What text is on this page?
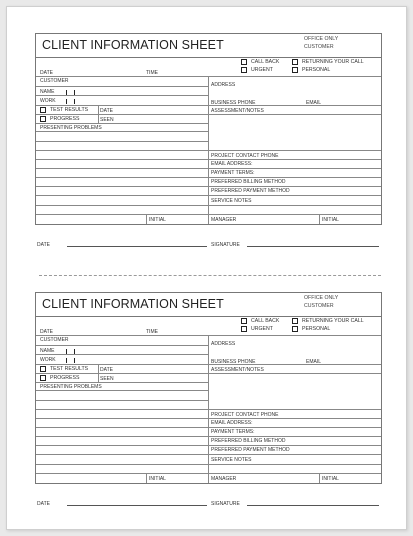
CLIENT INFORMATION SHEET	OFFICE ONLY
CUSTOMER
CALL BACK	RETURNING YOUR CALL
URGENT	PERSONAL
DATE	TIME
CUSTOMER
ADDRESS
NAME
WORK	BUSINESS PHONE	EMAIL
TEST RESULTS DATE	ASSESSMENT/NOTES
PROGRESS	SEEN
PRESENTING PROBLEMS
PROJECT CONTACT PHONE
EMAIL ADDRESS:
PAYMENT TERMS:
PREFERRED BILLING METHOD
PREFERRED PAYMENT METHOD
SERVICE NOTES
INITIAL	MANAGER	INITIAL
DATE	SIGNATURE
CLIENT INFORMATION SHEET	OFFICE ONLY
CUSTOMER
CALL BACK	RETURNING YOUR CALL
URGENT	PERSONAL
DATE	TIME
CUSTOMER
ADDRESS
NAME
WORK	BUSINESS PHONE	EMAIL
TEST RESULTS DATE	ASSESSMENT/NOTES
PROGRESS	SEEN
PRESENTING PROBLEMS
PROJECT CONTACT PHONE
EMAIL ADDRESS:
PAYMENT TERMS:
PREFERRED BILLING METHOD
PREFERRED PAYMENT METHOD
SERVICE NOTES
INITIAL	MANAGER	INITIAL
DATE	SIGNATURE
